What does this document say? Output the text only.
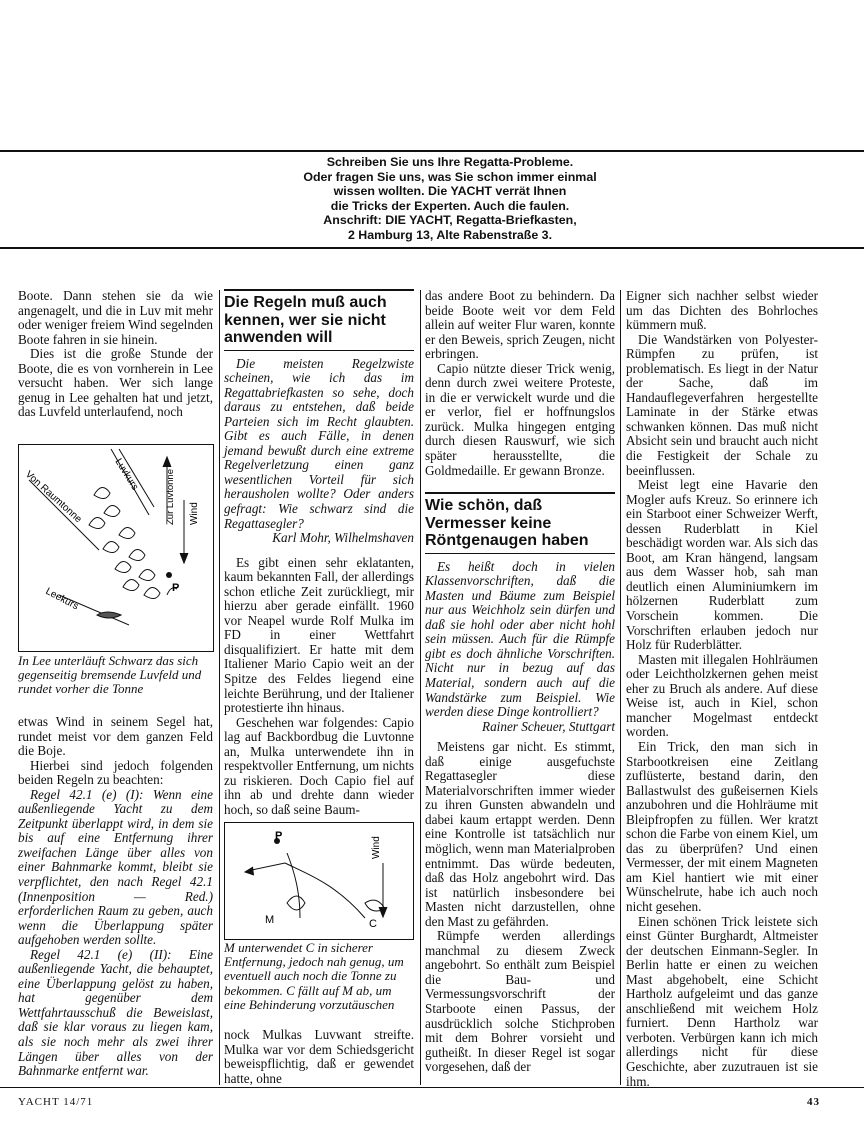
Schreiben Sie uns Ihre Regatta-Probleme.
Oder fragen Sie uns, was Sie schon immer einmal
wissen wollten. Die YACHT verrät Ihnen
die Tricks der Experten. Auch die faulen.
Anschrift: DIE YACHT, Regatta-Briefkasten,
2 Hamburg 13, Alte Rabenstraße 3.

Boote. Dann stehen sie da wie angenagelt, und die in Luv mit mehr oder weniger freiem Wind segelnden Boote fahren in sie hinein.

Dies ist die große Stunde der Boote, die es von vornherein in Lee versucht haben. Wer sich lange genug in Lee gehalten hat und jetzt, das Luvfeld unterlaufend, noch

Luvkurs
Von Raumtonne	Zur Luvtonne Wind
Leekurs	P
In Lee unterläuft Schwarz das sich gegenseitig bremsende Luvfeld und rundet vorher die Tonne

etwas Wind in seinem Segel hat, rundet meist vor dem ganzen Feld die Boje.

Hierbei sind jedoch folgenden beiden Regeln zu beachten:

Regel 42.1 (e) (I): Wenn eine außenliegende Yacht zu dem Zeitpunkt überlappt wird, in dem sie bis auf eine Entfernung ihrer zweifachen Länge über alles von einer Bahnmarke kommt, bleibt sie verpflichtet, den nach Regel 42.1 (Innenposition — Red.) erforderlichen Raum zu geben, auch wenn die Überlappung später aufgehoben werden sollte.

Regel 42.1 (e) (II): Eine außenliegende Yacht, die behauptet, eine Überlappung gelöst zu haben, hat gegenüber dem Wettfahrtausschuß die Beweislast, daß sie klar voraus zu liegen kam, als sie noch mehr als zwei ihrer Längen über alles von der Bahnmarke entfernt war.

Die Regeln muß auch kennen, wer sie nicht anwenden will

Die meisten Regelzwiste scheinen, wie ich das im Regattabriefkasten so sehe, doch daraus zu entstehen, daß beide Parteien sich im Recht glaubten. Gibt es auch Fälle, in denen jemand bewußt durch eine extreme Regelverletzung einen ganz wesentlichen Vorteil für sich herausholen wollte? Oder anders gefragt: Wie schwarz sind die Regattasegler?

Karl Mohr, Wilhelmshaven

Es gibt einen sehr eklatanten, kaum bekannten Fall, der allerdings schon etliche Zeit zurückliegt, mir hierzu aber gerade einfällt. 1960 vor Neapel wurde Rolf Mulka im FD in einer Wettfahrt disqualifiziert. Er hatte mit dem Italiener Mario Capio weit an der Spitze des Feldes liegend eine leichte Berührung, und der Italiener protestierte ihn hinaus.

Geschehen war folgendes: Capio lag auf Backbordbug die Luvtonne an, Mulka unterwendete ihn in respektvoller Entfernung, um nichts zu riskieren. Doch Capio fiel auf ihn ab und drehte dann wieder hoch, so daß seine Baum-

P
Wind
M	C
M unterwendet C in sicherer Entfernung, jedoch nah genug, um eventuell auch noch die Tonne zu bekommen. C fällt auf M ab, um eine Behinderung vorzutäuschen

nock Mulkas Luvwant streifte. Mulka war vor dem Schiedsgericht beweispflichtig, daß er gewendet hatte, ohne

das andere Boot zu behindern. Da beide Boote weit vor dem Feld allein auf weiter Flur waren, konnte er den Beweis, sprich Zeugen, nicht erbringen.

Capio nützte dieser Trick wenig, denn durch zwei weitere Proteste, in die er verwickelt wurde und die er verlor, fiel er hoffnungslos zurück. Mulka hingegen entging durch diesen Rauswurf, wie sich später herausstellte, die Goldmedaille. Er gewann Bronze.

Wie schön, daß Vermesser keine Röntgenaugen haben

Es heißt doch in vielen Klassenvorschriften, daß die Masten und Bäume zum Beispiel nur aus Weichholz sein dürfen und daß sie hohl oder aber nicht hohl sein müssen. Auch für die Rümpfe gibt es doch ähnliche Vorschriften. Nicht nur in bezug auf das Material, sondern auch auf die Wandstärke zum Beispiel. Wie werden diese Dinge kontrolliert?

Rainer Scheuer, Stuttgart

Meistens gar nicht. Es stimmt, daß einige ausgefuchste Regattasegler diese Materialvorschriften immer wieder zu ihren Gunsten abwandeln und dabei kaum ertappt werden. Denn eine Kontrolle ist tatsächlich nur möglich, wenn man Materialproben entnimmt. Das würde bedeuten, daß das Holz angebohrt wird. Das ist natürlich insbesondere bei Masten nicht darzustellen, ohne den Mast zu gefährden.

Rümpfe werden allerdings manchmal zu diesem Zweck angebohrt. So enthält zum Beispiel die Bau- und Vermessungsvorschrift der Starboote einen Passus, der ausdrücklich solche Stichproben mit dem Bohrer vorsieht und gutheißt. In dieser Regel ist sogar vorgesehen, daß der

Eigner sich nachher selbst wieder um das Dichten des Bohrloches kümmern muß.

Die Wandstärken von Polyester-Rümpfen zu prüfen, ist problematisch. Es liegt in der Natur der Sache, daß im Handauflegeverfahren hergestellte Laminate in der Stärke etwas schwanken können. Das muß nicht Absicht sein und braucht auch nicht die Festigkeit der Schale zu beeinflussen.

Meist legt eine Havarie den Mogler aufs Kreuz. So erinnere ich ein Starboot einer Schweizer Werft, dessen Ruderblatt in Kiel beschädigt worden war. Als sich das Boot, am Kran hängend, langsam aus dem Wasser hob, sah man deutlich einen Aluminiumkern im hölzernen Ruderblatt zum Vorschein kommen. Die Vorschriften erlauben jedoch nur Holz für Ruderblätter.

Masten mit illegalen Hohlräumen oder Leichtholzkernen gehen meist eher zu Bruch als andere. Auf diese Weise ist, auch in Kiel, schon mancher Mogelmast entdeckt worden.

Ein Trick, den man sich in Starbootkreisen eine Zeitlang zuflüsterte, bestand darin, den Ballastwulst des gußeisernen Kiels anzubohren und die Hohlräume mit Bleipfropfen zu füllen. Wer kratzt schon die Farbe von einem Kiel, um das zu überprüfen? Und einen Vermesser, der mit einem Magneten am Kiel hantiert wie mit einer Wünschelrute, habe ich auch noch nicht gesehen.

Einen schönen Trick leistete sich einst Günter Burghardt, Altmeister der deutschen Einmann-Segler. In Berlin hatte er einen zu weichen Mast abgehobelt, eine Schicht Hartholz aufgeleimt und das ganze anschließend mit weichem Holz furniert. Denn Hartholz war verboten. Verbürgen kann ich mich allerdings nicht für diese Geschichte, aber zuzutrauen ist sie ihm.

YACHT 14/71	43
